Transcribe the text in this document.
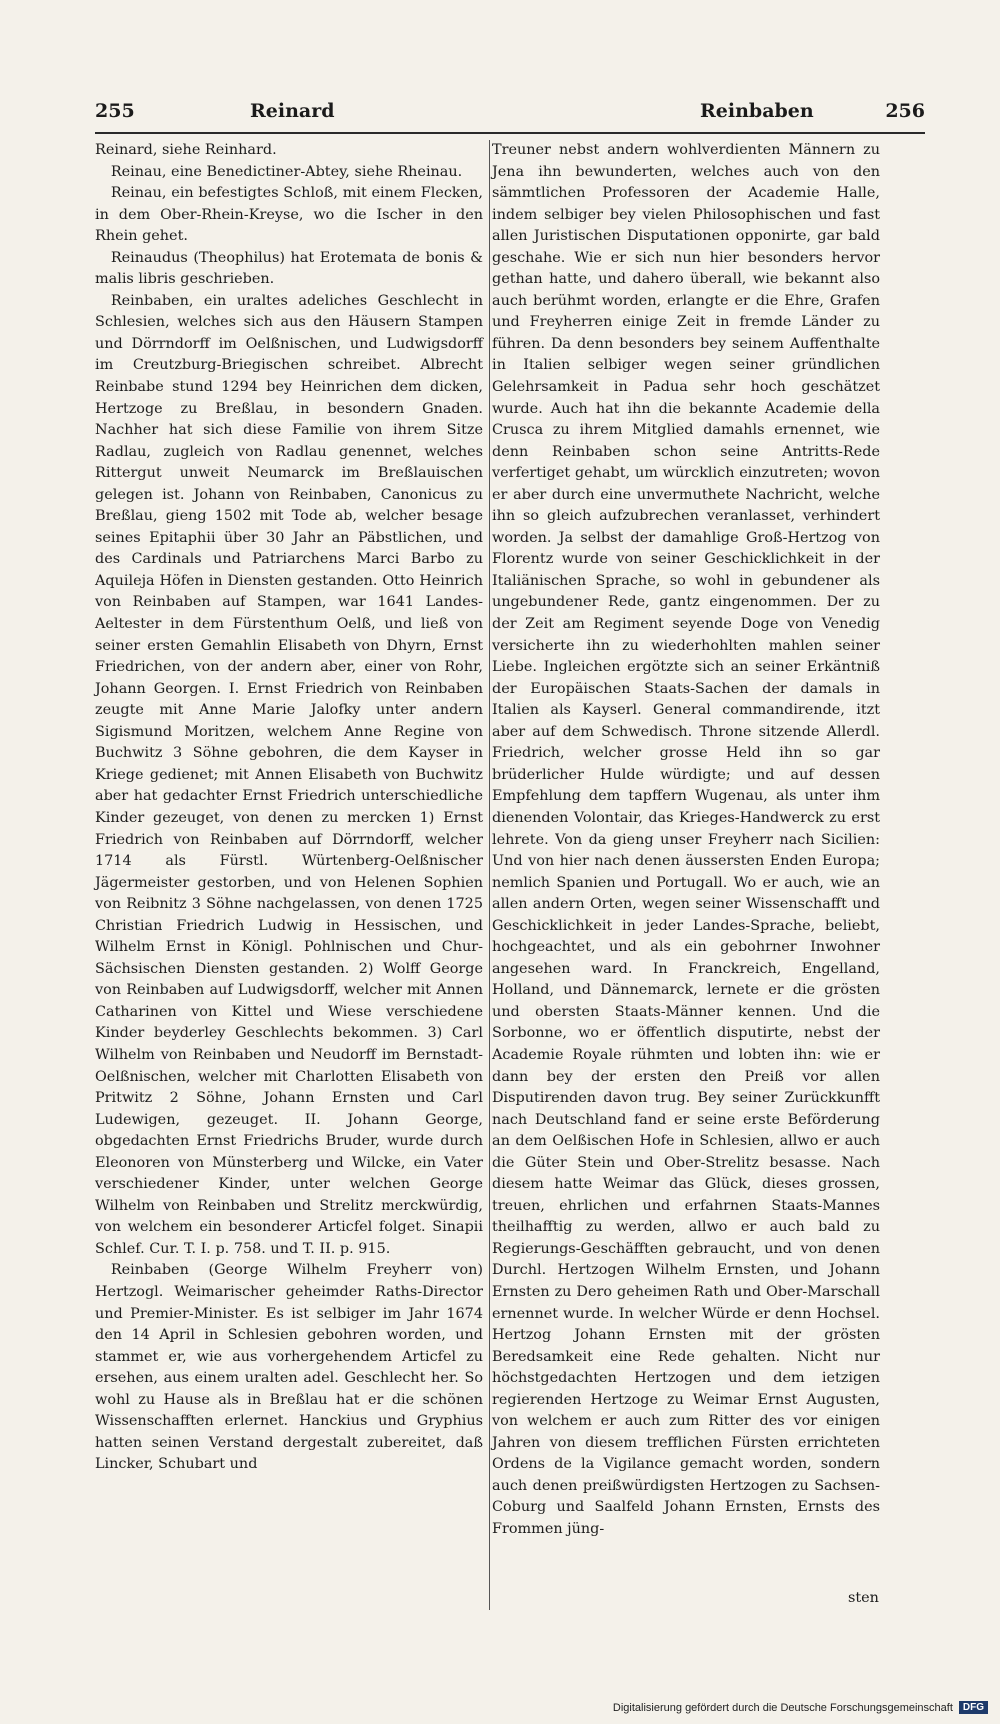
255	Reinard	Reinbaben	256

Reinard, siehe Reinhard.

Reinau, eine Benedictiner-Abtey, siehe Rheinau.

Reinau, ein befestigtes Schloß, mit einem Flecken, in dem Ober-Rhein-Kreyse, wo die Ischer in den Rhein gehet.

Reinaudus (Theophilus) hat Erotemata de bonis & malis libris geschrieben.

Reinbaben, ein uraltes adeliches Geschlecht in Schlesien, welches sich aus den Häusern Stampen und Dörrndorff im Oelßnischen, und Ludwigsdorff im Creutzburg-Briegischen schreibet. Albrecht Reinbabe stund 1294 bey Heinrichen dem dicken, Hertzoge zu Breßlau, in besondern Gnaden. Nachher hat sich diese Familie von ihrem Sitze Radlau, zugleich von Radlau genennet, welches Rittergut unweit Neumarck im Breßlauischen gelegen ist. Johann von Reinbaben, Canonicus zu Breßlau, gieng 1502 mit Tode ab, welcher besage seines Epitaphii über 30 Jahr an Päbstlichen, und des Cardinals und Patriarchens Marci Barbo zu Aquileja Höfen in Diensten gestanden. Otto Heinrich von Reinbaben auf Stampen, war 1641 Landes-Aeltester in dem Fürstenthum Oelß, und ließ von seiner ersten Gemahlin Elisabeth von Dhyrn, Ernst Friedrichen, von der andern aber, einer von Rohr, Johann Georgen. I. Ernst Friedrich von Reinbaben zeugte mit Anne Marie Jalofky unter andern Sigismund Moritzen, welchem Anne Regine von Buchwitz 3 Söhne gebohren, die dem Kayser in Kriege gedienet; mit Annen Elisabeth von Buchwitz aber hat gedachter Ernst Friedrich unterschiedliche Kinder gezeuget, von denen zu mercken 1) Ernst Friedrich von Reinbaben auf Dörrndorff, welcher 1714 als Fürstl. Würtenberg-Oelßnischer Jägermeister gestorben, und von Helenen Sophien von Reibnitz 3 Söhne nachgelassen, von denen 1725 Christian Friedrich Ludwig in Hessischen, und Wilhelm Ernst in Königl. Pohlnischen und Chur-Sächsischen Diensten gestanden. 2) Wolff George von Reinbaben auf Ludwigsdorff, welcher mit Annen Catharinen von Kittel und Wiese verschiedene Kinder beyderley Geschlechts bekommen. 3) Carl Wilhelm von Reinbaben und Neudorff im Bernstadt-Oelßnischen, welcher mit Charlotten Elisabeth von Pritwitz 2 Söhne, Johann Ernsten und Carl Ludewigen, gezeuget. II. Johann George, obgedachten Ernst Friedrichs Bruder, wurde durch Eleonoren von Münsterberg und Wilcke, ein Vater verschiedener Kinder, unter welchen George Wilhelm von Reinbaben und Strelitz merckwürdig, von welchem ein besonderer Articfel folget. Sinapii Schlef. Cur. T. I. p. 758. und T. II. p. 915.

Reinbaben (George Wilhelm Freyherr von) Hertzogl. Weimarischer geheimder Raths-Director und Premier-Minister. Es ist selbiger im Jahr 1674 den 14 April in Schlesien gebohren worden, und stammet er, wie aus vorhergehendem Articfel zu ersehen, aus einem uralten adel. Geschlecht her. So wohl zu Hause als in Breßlau hat er die schönen Wissenschafften erlernet. Hanckius und Gryphius hatten seinen Verstand dergestalt zubereitet, daß Lincker, Schubart und

Treuner nebst andern wohlverdienten Männern zu Jena ihn bewunderten, welches auch von den sämmtlichen Professoren der Academie Halle, indem selbiger bey vielen Philosophischen und fast allen Juristischen Disputationen opponirte, gar bald geschahe. Wie er sich nun hier besonders hervor gethan hatte, und dahero überall, wie bekannt also auch berühmt worden, erlangte er die Ehre, Grafen und Freyherren einige Zeit in fremde Länder zu führen. Da denn besonders bey seinem Auffenthalte in Italien selbiger wegen seiner gründlichen Gelehrsamkeit in Padua sehr hoch geschätzet wurde. Auch hat ihn die bekannte Academie della Crusca zu ihrem Mitglied damahls ernennet, wie denn Reinbaben schon seine Antritts-Rede verfertiget gehabt, um würcklich einzutreten; wovon er aber durch eine unvermuthete Nachricht, welche ihn so gleich aufzubrechen veranlasset, verhindert worden. Ja selbst der damahlige Groß-Hertzog von Florentz wurde von seiner Geschicklichkeit in der Italiänischen Sprache, so wohl in gebundener als ungebundener Rede, gantz eingenommen. Der zu der Zeit am Regiment seyende Doge von Venedig versicherte ihn zu wiederhohlten mahlen seiner Liebe. Ingleichen ergötzte sich an seiner Erkäntniß der Europäischen Staats-Sachen der damals in Italien als Kayserl. General commandirende, itzt aber auf dem Schwedisch. Throne sitzende Allerdl. Friedrich, welcher grosse Held ihn so gar brüderlicher Hulde würdigte; und auf dessen Empfehlung dem tapffern Wugenau, als unter ihm dienenden Volontair, das Krieges-Handwerck zu erst lehrete. Von da gieng unser Freyherr nach Sicilien: Und von hier nach denen äussersten Enden Europa; nemlich Spanien und Portugall. Wo er auch, wie an allen andern Orten, wegen seiner Wissenschafft und Geschicklichkeit in jeder Landes-Sprache, beliebt, hochgeachtet, und als ein gebohrner Inwohner angesehen ward. In Franckreich, Engelland, Holland, und Dännemarck, lernete er die grösten und obersten Staats-Männer kennen. Und die Sorbonne, wo er öffentlich disputirte, nebst der Academie Royale rühmten und lobten ihn: wie er dann bey der ersten den Preiß vor allen Disputirenden davon trug. Bey seiner Zurückkunfft nach Deutschland fand er seine erste Beförderung an dem Oelßischen Hofe in Schlesien, allwo er auch die Güter Stein und Ober-Strelitz besasse. Nach diesem hatte Weimar das Glück, dieses grossen, treuen, ehrlichen und erfahrnen Staats-Mannes theilhafftig zu werden, allwo er auch bald zu Regierungs-Geschäfften gebraucht, und von denen Durchl. Hertzogen Wilhelm Ernsten, und Johann Ernsten zu Dero geheimen Rath und Ober-Marschall ernennet wurde. In welcher Würde er denn Hochsel. Hertzog Johann Ernsten mit der grösten Beredsamkeit eine Rede gehalten. Nicht nur höchstgedachten Hertzogen und dem ietzigen regierenden Hertzoge zu Weimar Ernst Augusten, von welchem er auch zum Ritter des vor einigen Jahren von diesem trefflichen Fürsten errichteten Ordens de la Vigilance gemacht worden, sondern auch denen preißwürdigsten Hertzogen zu Sachsen-Coburg und Saalfeld Johann Ernsten, Ernsts des Frommen jüng-

sten
Digitalisierung gefördert durch die Deutsche Forschungsgemeinschaft	DFG
